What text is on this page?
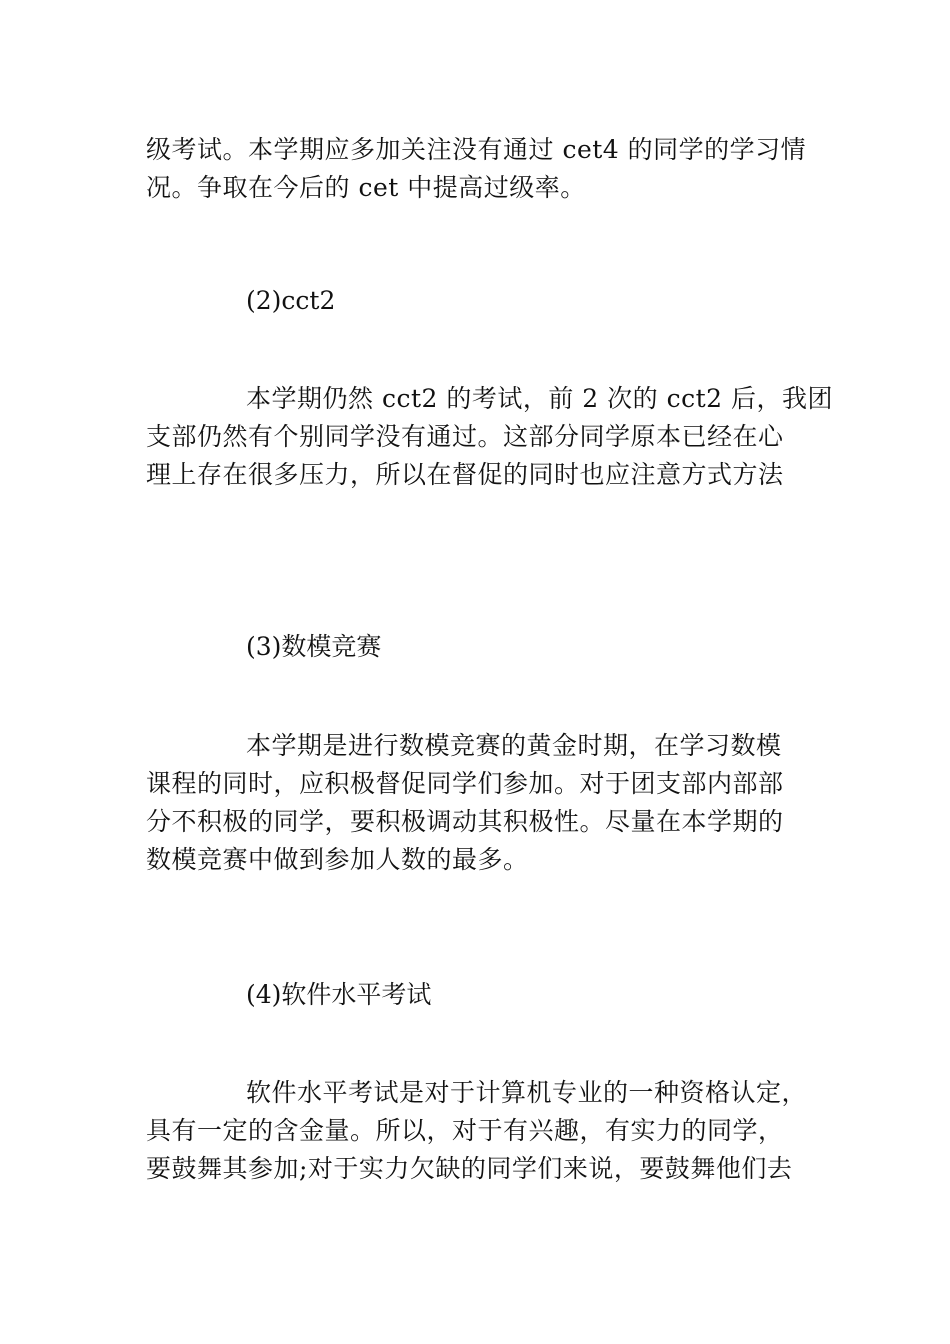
级考试。本学期应多加关注没有通过 cet4 的同学的学习情
况。争取在今后的 cet 中提高过级率。
(2)cct2
本学期仍然 cct2 的考试，前 2 次的 cct2 后，我团
支部仍然有个别同学没有通过。这部分同学原本已经在心
理上存在很多压力，所以在督促的同时也应注意方式方法
(3)数模竞赛
本学期是进行数模竞赛的黄金时期，在学习数模
课程的同时，应积极督促同学们参加。对于团支部内部部
分不积极的同学，要积极调动其积极性。尽量在本学期的
数模竞赛中做到参加人数的最多。
(4)软件水平考试
软件水平考试是对于计算机专业的一种资格认定，
具有一定的含金量。所以，对于有兴趣，有实力的同学，
要鼓舞其参加;对于实力欠缺的同学们来说，要鼓舞他们去
